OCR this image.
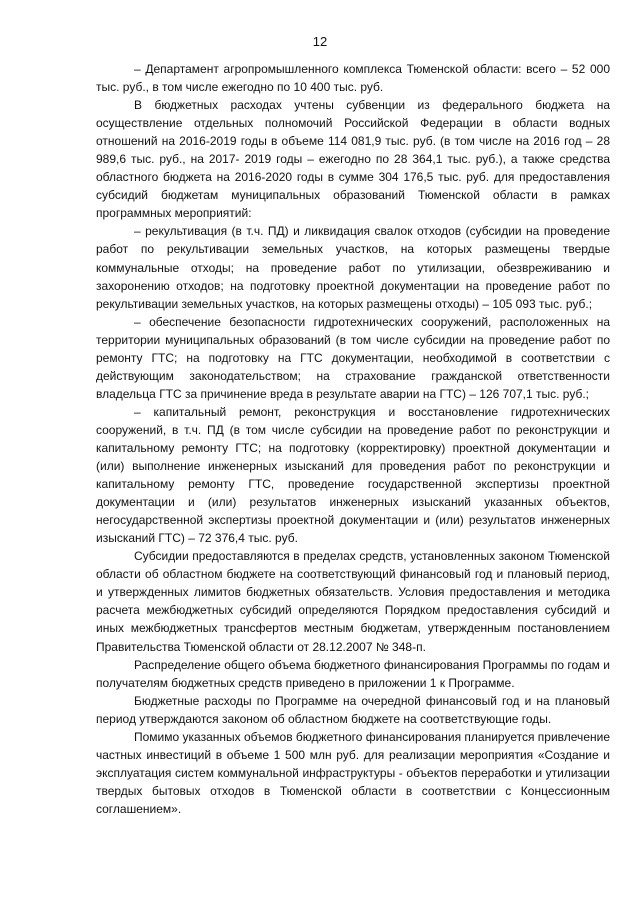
12

– Департамент агропромышленного комплекса Тюменской области: всего – 52 000 тыс. руб., в том числе ежегодно по 10 400 тыс. руб.

В бюджетных расходах учтены субвенции из федерального бюджета на осуществление отдельных полномочий Российской Федерации в области водных отношений на 2016-2019 годы в объеме 114 081,9 тыс. руб. (в том числе на 2016 год – 28 989,6 тыс. руб., на 2017- 2019 годы – ежегодно по 28 364,1 тыс. руб.), а также средства областного бюджета на 2016-2020 годы в сумме 304 176,5 тыс. руб. для предоставления субсидий бюджетам муниципальных образований Тюменской области в рамках программных мероприятий:

– рекультивация (в т.ч. ПД) и ликвидация свалок отходов (субсидии на проведение работ по рекультивации земельных участков, на которых размещены твердые коммунальные отходы; на проведение работ по утилизации, обезвреживанию и захоронению отходов; на подготовку проектной документации на проведение работ по рекультивации земельных участков, на которых размещены отходы) – 105 093 тыс. руб.;

– обеспечение безопасности гидротехнических сооружений, расположенных на территории муниципальных образований (в том числе субсидии на проведение работ по ремонту ГТС; на подготовку на ГТС документации, необходимой в соответствии с действующим законодательством; на страхование гражданской ответственности владельца ГТС за причинение вреда в результате аварии на ГТС) – 126 707,1 тыс. руб.;

– капитальный ремонт, реконструкция и восстановление гидротехнических сооружений, в т.ч. ПД (в том числе субсидии на проведение работ по реконструкции и капитальному ремонту ГТС; на подготовку (корректировку) проектной документации и (или) выполнение инженерных изысканий для проведения работ по реконструкции и капитальному ремонту ГТС, проведение государственной экспертизы проектной документации и (или) результатов инженерных изысканий указанных объектов, негосударственной экспертизы проектной документации и (или) результатов инженерных изысканий ГТС) – 72 376,4 тыс. руб.

Субсидии предоставляются в пределах средств, установленных законом Тюменской области об областном бюджете на соответствующий финансовый год и плановый период, и утвержденных лимитов бюджетных обязательств. Условия предоставления и методика расчета межбюджетных субсидий определяются Порядком предоставления субсидий и иных межбюджетных трансфертов местным бюджетам, утвержденным постановлением Правительства Тюменской области от 28.12.2007 № 348-п.

Распределение общего объема бюджетного финансирования Программы по годам и получателям бюджетных средств приведено в приложении 1 к Программе.

Бюджетные расходы по Программе на очередной финансовый год и на плановый период утверждаются законом об областном бюджете на соответствующие годы.

Помимо указанных объемов бюджетного финансирования планируется привлечение частных инвестиций в объеме 1 500 млн руб. для реализации мероприятия «Создание и эксплуатация систем коммунальной инфраструктуры - объектов переработки и утилизации твердых бытовых отходов в Тюменской области в соответствии с Концессионным соглашением».
